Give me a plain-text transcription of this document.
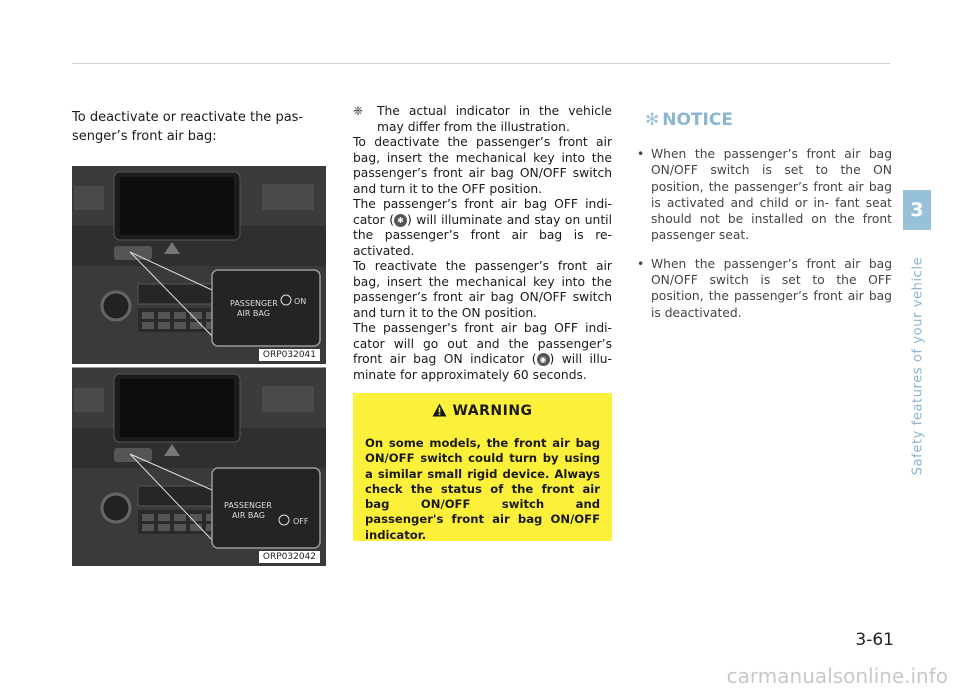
To deactivate or reactivate the pas- senger’s front air bag:

PASSENGER
AIR BAG
ON
ORP032041
PASSENGER
AIR BAG
OFF
ORP032042
❈	The actual indicator in the vehicle may differ from the illustration.

To deactivate the passenger’s front air bag, insert the mechanical key into the passenger’s front air bag ON/OFF switch and turn it to the OFF position.

The passenger’s front air bag OFF indi- cator ( ✱ ) will illuminate and stay on until the passenger’s front air bag is re- activated.

To reactivate the passenger’s front air bag, insert the mechanical key into the passenger’s front air bag ON/OFF switch and turn it to the ON position.

The passenger’s front air bag OFF indi- cator will go out and the passenger’s front air bag ON indicator ( ◉ ) will illu- minate for approximately 60 seconds.

WARNING
On some models, the front air bag ON/OFF switch could turn by using a similar small rigid device. Always check the status of the front air bag ON/OFF switch and passenger's front air bag ON/OFF indicator.
✻ NOTICE
• When the passenger’s front air bag ON/OFF switch is set to the ON position, the passenger’s front air bag is activated and child or in- fant seat should not be installed on the front passenger seat.
• When the passenger’s front air bag ON/OFF switch is set to the OFF position, the passenger’s front air bag is deactivated.
3
Safety features of your vehicle
3-61
carmanualsonline.info
